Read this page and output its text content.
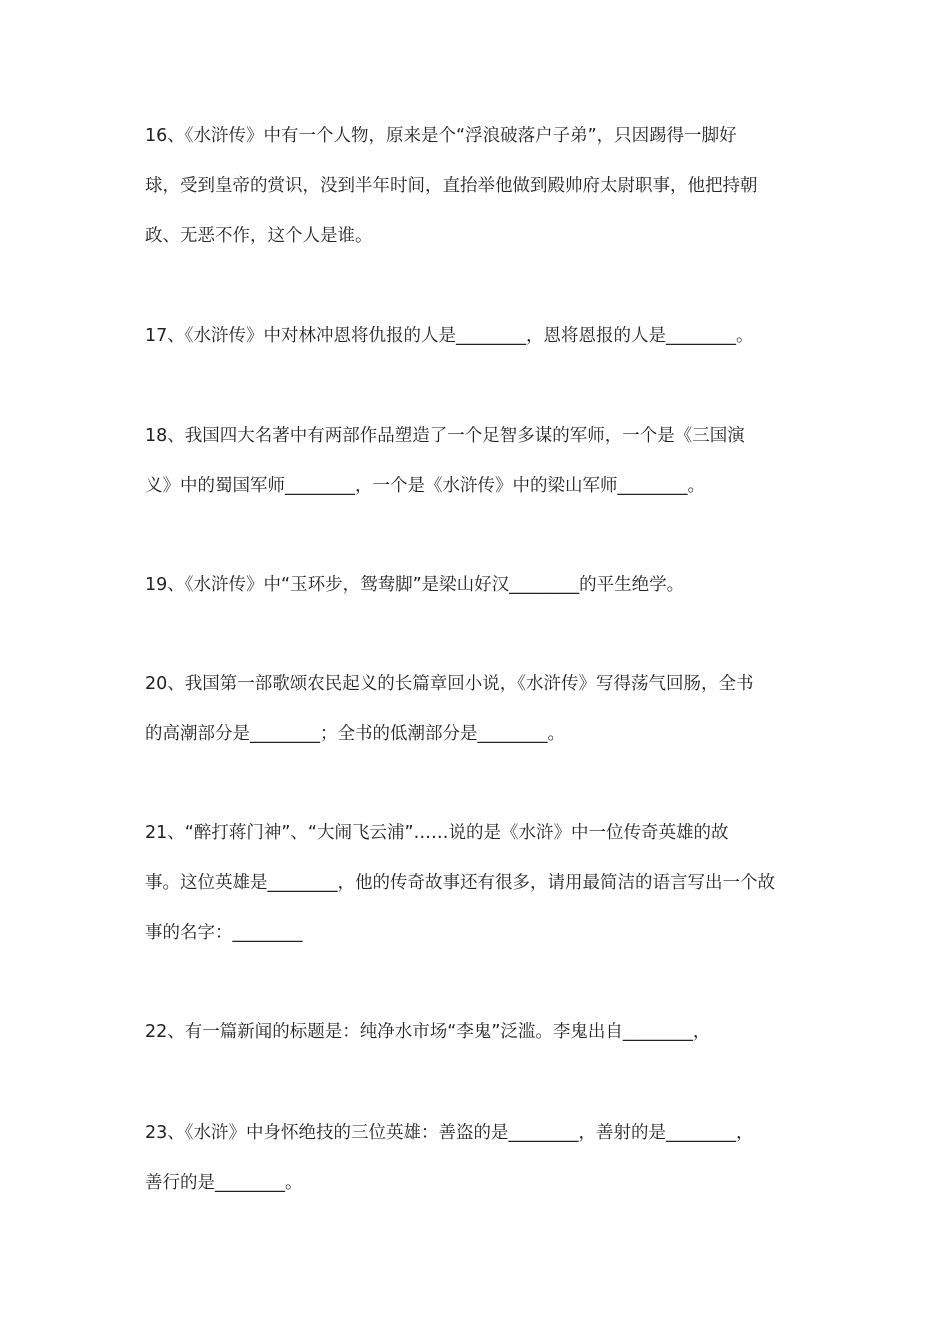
16、《水浒传》中有一个人物，原来是个“浮浪破落户子弟”，只因踢得一脚好
球，受到皇帝的赏识，没到半年时间，直抬举他做到殿帅府太尉职事，他把持朝
政、无恶不作，这个人是谁。
17、《水浒传》中对林冲恩将仇报的人是________，恩将恩报的人是________。
18、我国四大名著中有两部作品塑造了一个足智多谋的军师，一个是《三国演
义》中的蜀国军师________，一个是《水浒传》中的梁山军师________。
19、《水浒传》中“玉环步，鸳鸯脚”是梁山好汉________的平生绝学。
20、我国第一部歌颂农民起义的长篇章回小说，《水浒传》写得荡气回肠，全书
的高潮部分是________；全书的低潮部分是________。
21、“醉打蒋门神”、“大闹飞云浦”……说的是《水浒》中一位传奇英雄的故
事。这位英雄是________，他的传奇故事还有很多，请用最简洁的语言写出一个故
事的名字：________
22、有一篇新闻的标题是：纯净水市场“李鬼”泛滥。李鬼出自________，
23、《水浒》中身怀绝技的三位英雄：善盗的是________，善射的是________，
善行的是________。
